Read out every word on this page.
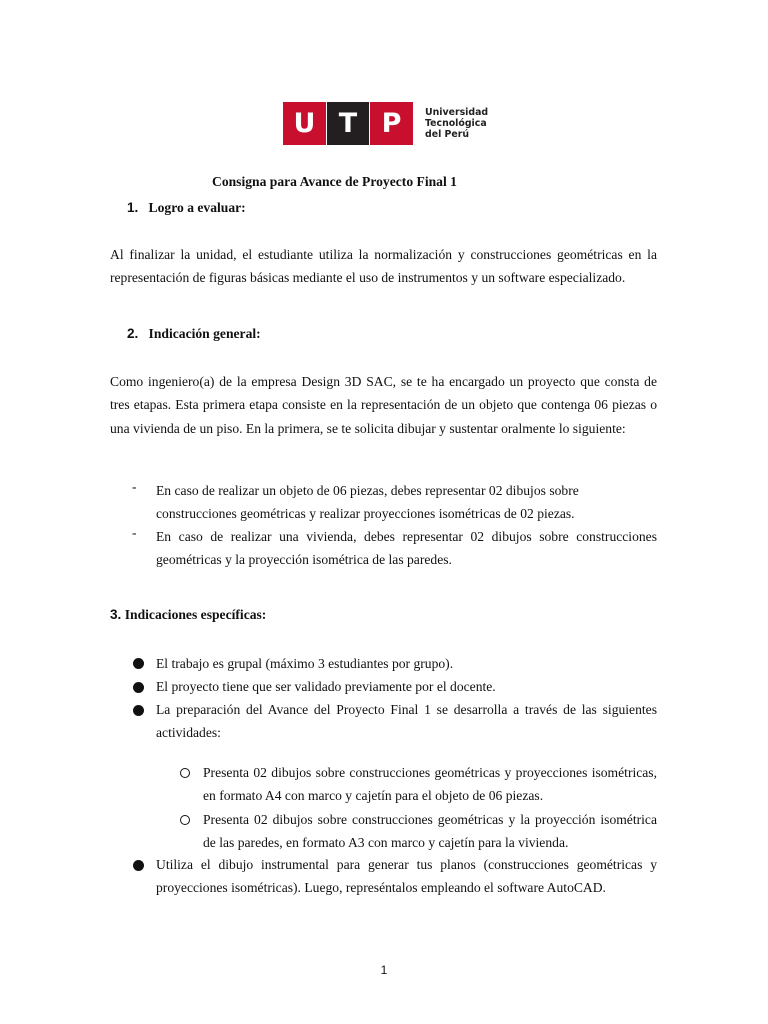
U T P	Universidad
Tecnológica
del Perú
Consigna para Avance de Proyecto Final 1
1. Logro a evaluar:
Al finalizar la unidad, el estudiante utiliza la normalización y construcciones geométricas en la representación de figuras básicas mediante el uso de instrumentos y un software especializado.
2. Indicación general:
Como ingeniero(a) de la empresa Design 3D SAC, se te ha encargado un proyecto que consta de tres etapas. Esta primera etapa consiste en la representación de un objeto que contenga 06 piezas o una vivienda de un piso. En la primera, se te solicita dibujar y sustentar oralmente lo siguiente:
-	En caso de realizar un objeto de 06 piezas, debes representar 02 dibujos sobre construcciones geométricas y realizar proyecciones isométricas de 02 piezas.
-	En caso de realizar una vivienda, debes representar 02 dibujos sobre construcciones geométricas y la proyección isométrica de las paredes.
3. Indicaciones específicas:
El trabajo es grupal (máximo 3 estudiantes por grupo).
El proyecto tiene que ser validado previamente por el docente.
La preparación del Avance del Proyecto Final 1 se desarrolla a través de las siguientes actividades:
Presenta 02 dibujos sobre construcciones geométricas y proyecciones isométricas, en formato A4 con marco y cajetín para el objeto de 06 piezas.
Presenta 02 dibujos sobre construcciones geométricas y la proyección isométrica de las paredes, en formato A3 con marco y cajetín para la vivienda.
Utiliza el dibujo instrumental para generar tus planos (construcciones geométricas y proyecciones isométricas). Luego, represéntalos empleando el software AutoCAD.
1
